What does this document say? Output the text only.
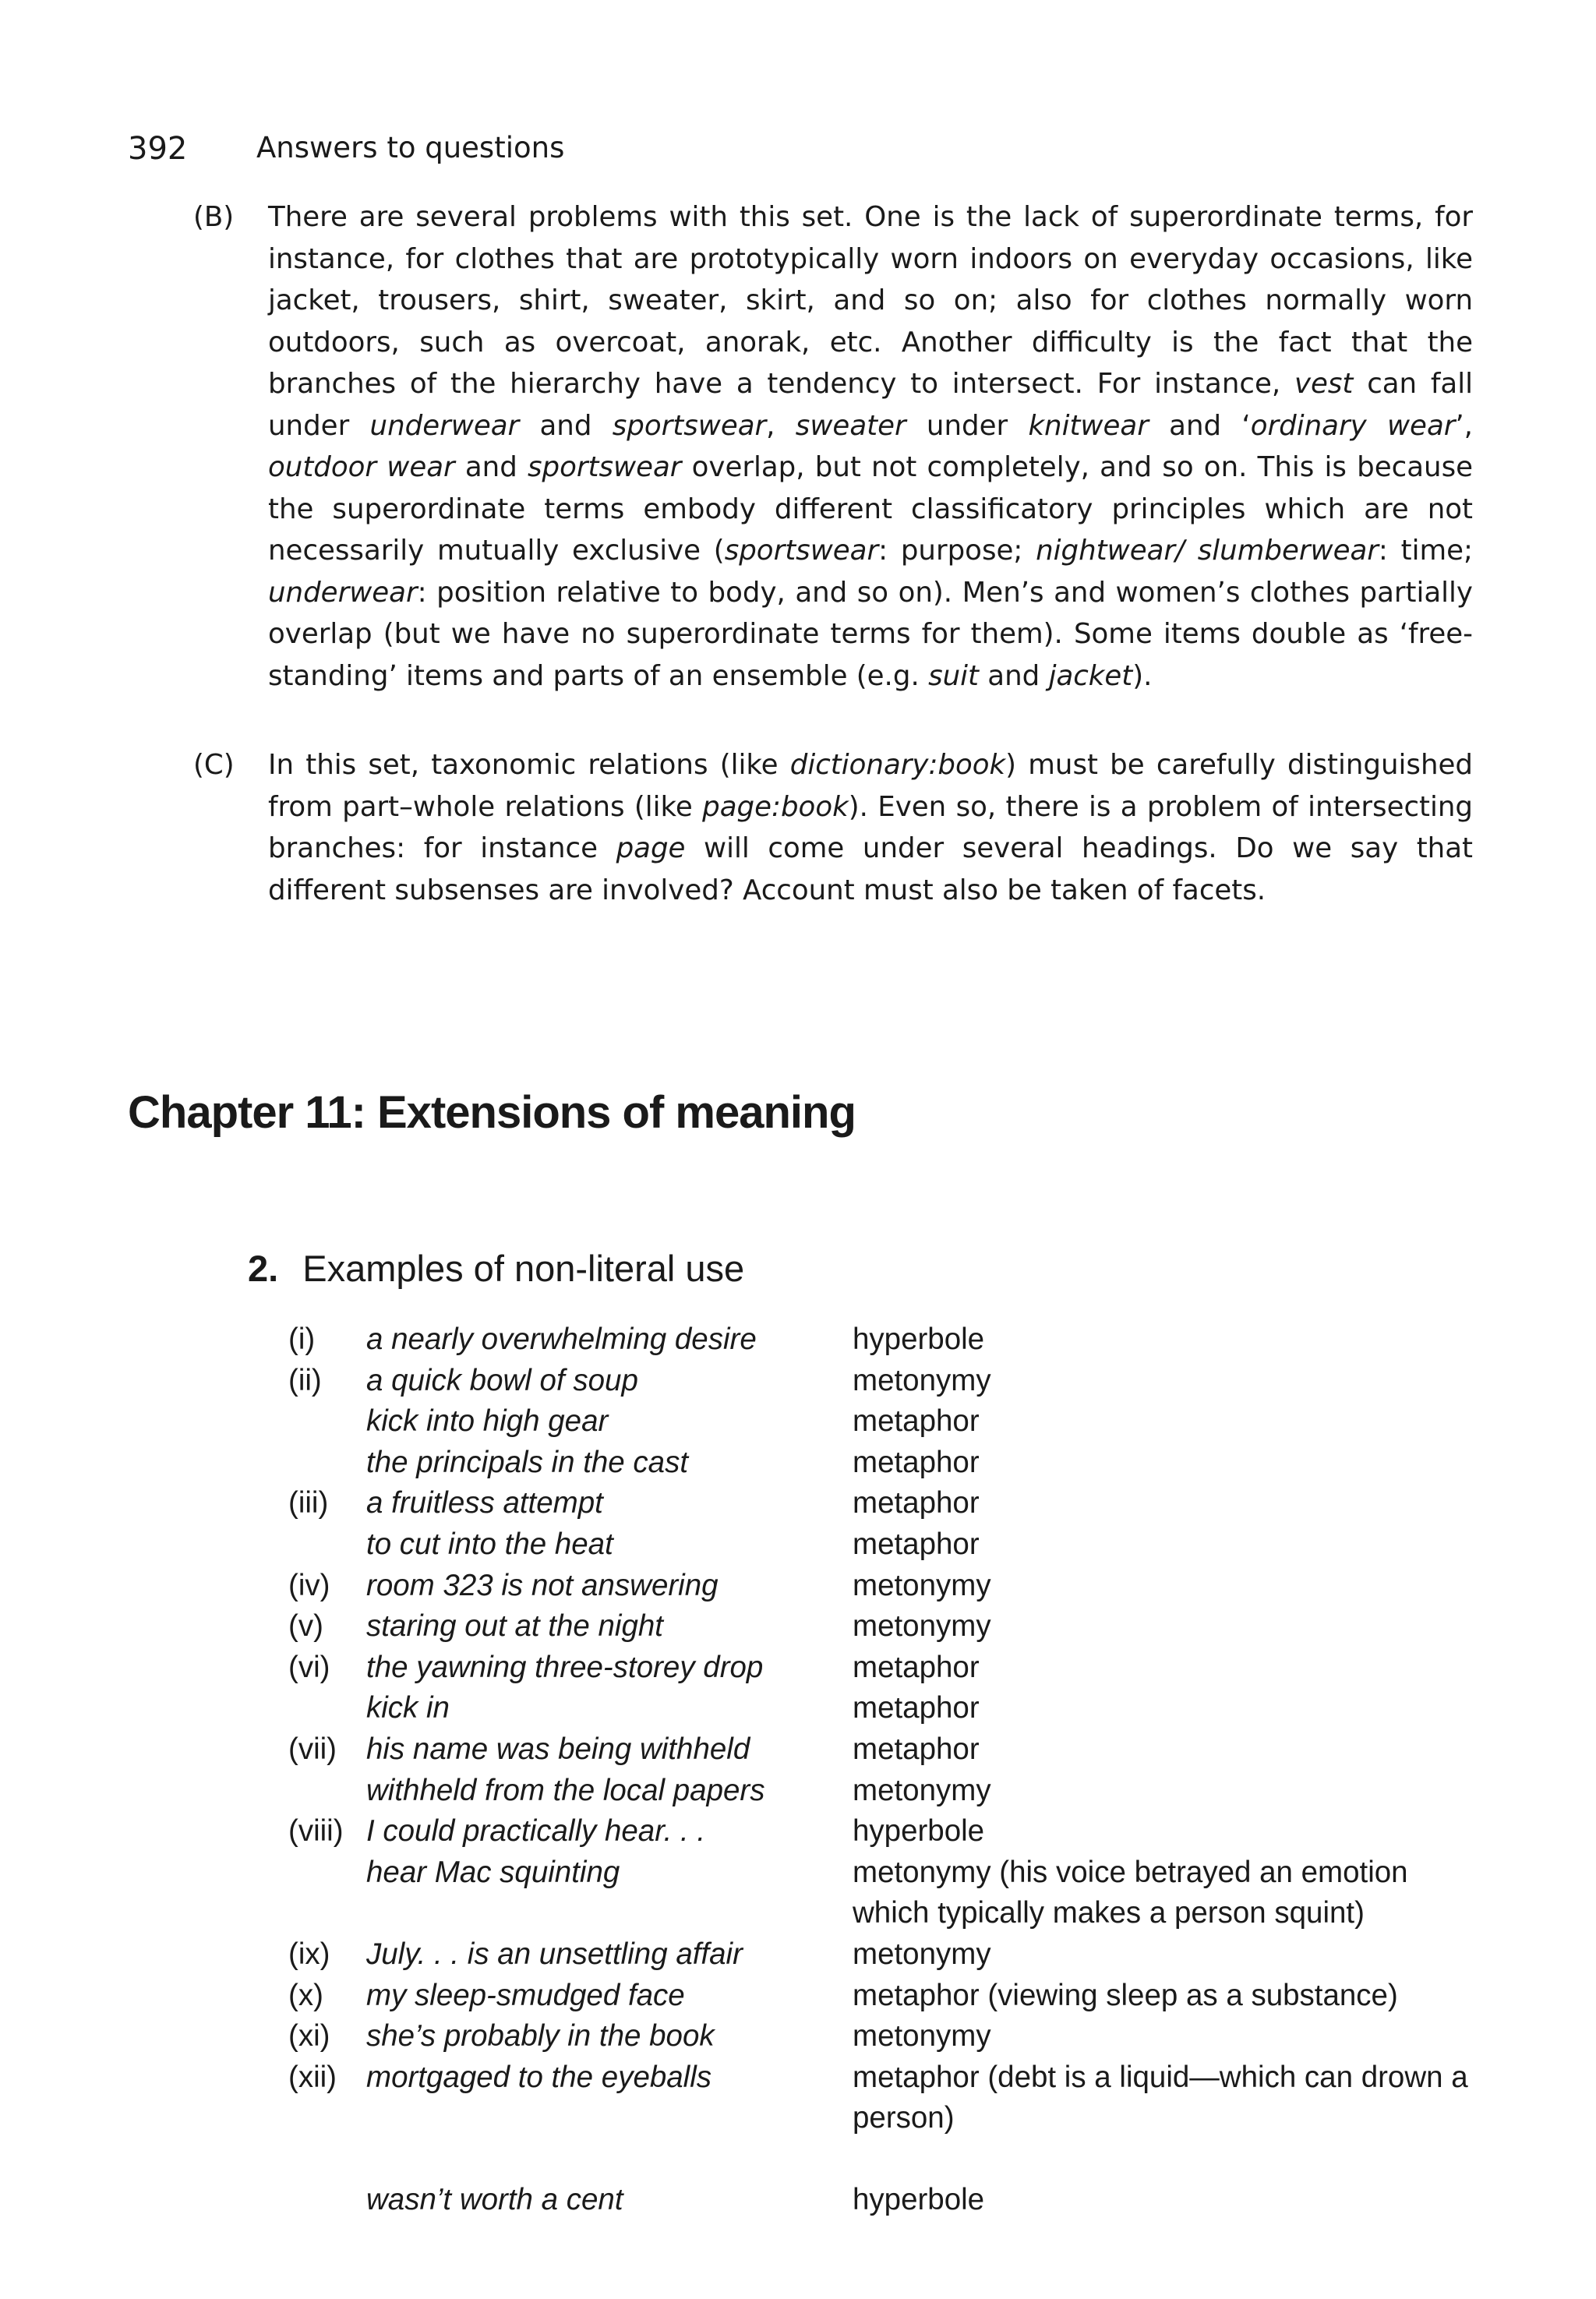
392	Answers to questions
(B) There are several problems with this set. One is the lack of superordinate terms, for instance, for clothes that are prototypically worn indoors on everyday occasions, like jacket, trousers, shirt, sweater, skirt, and so on; also for clothes normally worn outdoors, such as overcoat, anorak, etc. Another difficulty is the fact that the branches of the hierarchy have a tendency to intersect. For instance, vest can fall under underwear and sportswear, sweater under knitwear and ‘ordinary wear’, outdoor wear and sportswear overlap, but not completely, and so on. This is because the superordinate terms embody different classificatory principles which are not necessarily mutually exclusive (sportswear: purpose; nightwear/ slumberwear: time; underwear: position relative to body, and so on). Men’s and women’s clothes partially overlap (but we have no superordinate terms for them). Some items double as ‘free-standing’ items and parts of an ensemble (e.g. suit and jacket).
(C) In this set, taxonomic relations (like dictionary:book) must be carefully distinguished from part–whole relations (like page:book). Even so, there is a problem of intersecting branches: for instance page will come under several headings. Do we say that different subsenses are involved? Account must also be taken of facets.
Chapter 11: Extensions of meaning
2. Examples of non-literal use
(i) a nearly overwhelming desire	hyperbole
(ii) a quick bowl of soup	metonymy
kick into high gear	metaphor
the principals in the cast	metaphor
(iii) a fruitless attempt	metaphor
to cut into the heat	metaphor
(iv) room 323 is not answering	metonymy
(v) staring out at the night	metonymy
(vi) the yawning three-storey drop	metaphor
kick in	metaphor
(vii) his name was being withheld	metaphor
withheld from the local papers	metonymy
(viii) I could practically hear. . .	hyperbole
hear Mac squinting	metonymy (his voice betrayed an emotion which typically makes a person squint)
(ix) July. . . is an unsettling affair	metonymy
(x) my sleep-smudged face	metaphor (viewing sleep as a substance)
(xi) she’s probably in the book	metonymy
(xii) mortgaged to the eyeballs	metaphor (debt is a liquid—which can drown a person)
wasn’t worth a cent	hyperbole
